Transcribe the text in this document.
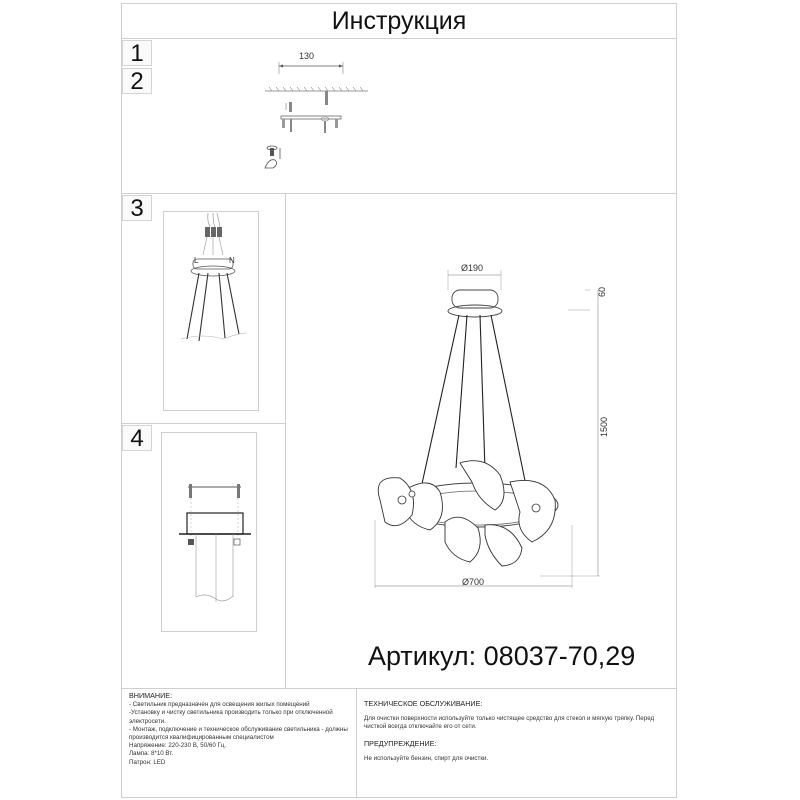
Инструкция
1
2
3
4
130
L	N
Ø190
60
1500
Ø700
Артикул: 08037-70,29
ВНИМАНИЕ:

- Светильник предназначен для освещения жилых помещений

-Установку и чистку светильника производить только при отключенной электросети.

- Монтаж, подключение и техническое обслуживание светильника - должны производится квалифицированным специалистом

Напряжение: 220-230 В, 50/60 Гц.

Лампа: 8*10 Вт.

Патрон: LED

ТЕХНИЧЕСКОЕ ОБСЛУЖИВАНИЕ:

Для очистки поверхности используйте только чистящее средство для стекол и мягкую тряпку. Перед чисткой всегда отключайте его от сети.

ПРЕДУПРЕЖДЕНИЕ:

Не используйте бензин, спирт для очистки.
